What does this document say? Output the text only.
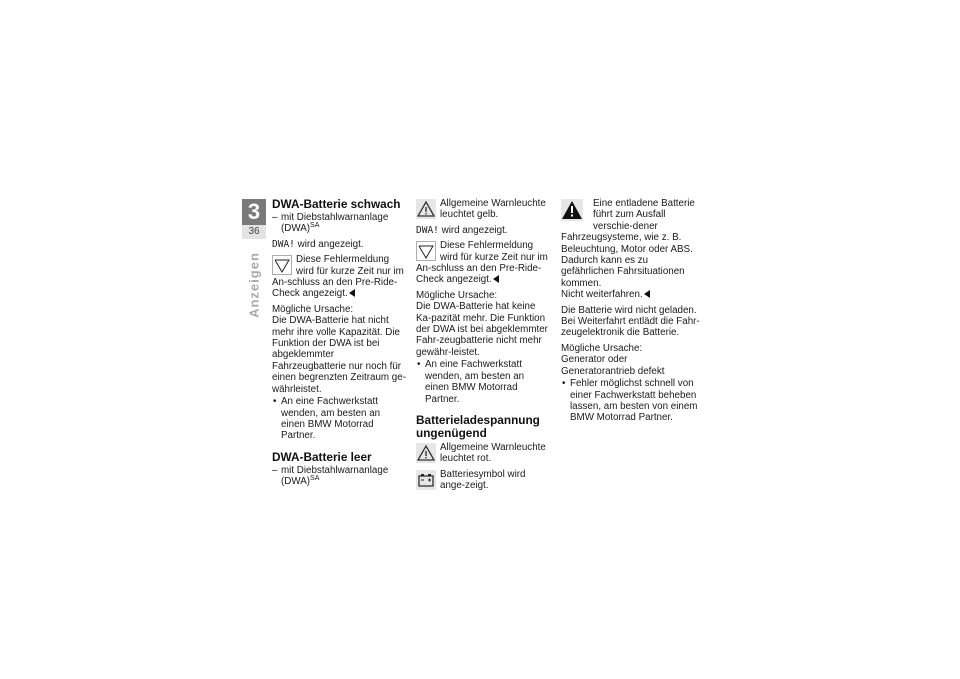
3
36
Anzeigen
DWA-Batterie schwach

– mit Diebstahlwarnanlage (DWA)$^{SA}$

DWA! wird angezeigt.

Diese Fehlermeldung wird für kurze Zeit nur im An-schluss an den Pre-Ride-Check angezeigt.

Mögliche Ursache:

Die DWA-Batterie hat nicht mehr ihre volle Kapazität. Die Funktion der DWA ist bei abgeklemmter Fahrzeugbatterie nur noch für einen begrenzten Zeitraum ge-währleistet.

• An eine Fachwerkstatt wenden, am besten an einen BMW Motorrad Partner.

DWA-Batterie leer

– mit Diebstahlwarnanlage (DWA)$^{SA}$

Allgemeine Warnleuchte leuchtet gelb.

DWA! wird angezeigt.

Diese Fehlermeldung wird für kurze Zeit nur im An-schluss an den Pre-Ride-Check angezeigt.

Mögliche Ursache:

Die DWA-Batterie hat keine Ka-pazität mehr. Die Funktion der DWA ist bei abgeklemmter Fahr-zeugbatterie nicht mehr gewähr-leistet.

• An eine Fachwerkstatt wenden, am besten an einen BMW Motorrad Partner.

Batterieladespannung ungenügend

Allgemeine Warnleuchte leuchtet rot.

Batteriesymbol wird ange-zeigt.

Eine entladene Batterie führt zum Ausfall verschie-dener Fahrzeugsysteme, wie z. B. Beleuchtung, Motor oder ABS. Dadurch kann es zu gefährlichen Fahrsituationen kommen.

Nicht weiterfahren.

Die Batterie wird nicht geladen. Bei Weiterfahrt entlädt die Fahr-zeugelektronik die Batterie.

Mögliche Ursache:

Generator oder Generatorantrieb defekt

• Fehler möglichst schnell von einer Fachwerkstatt beheben lassen, am besten von einem BMW Motorrad Partner.
